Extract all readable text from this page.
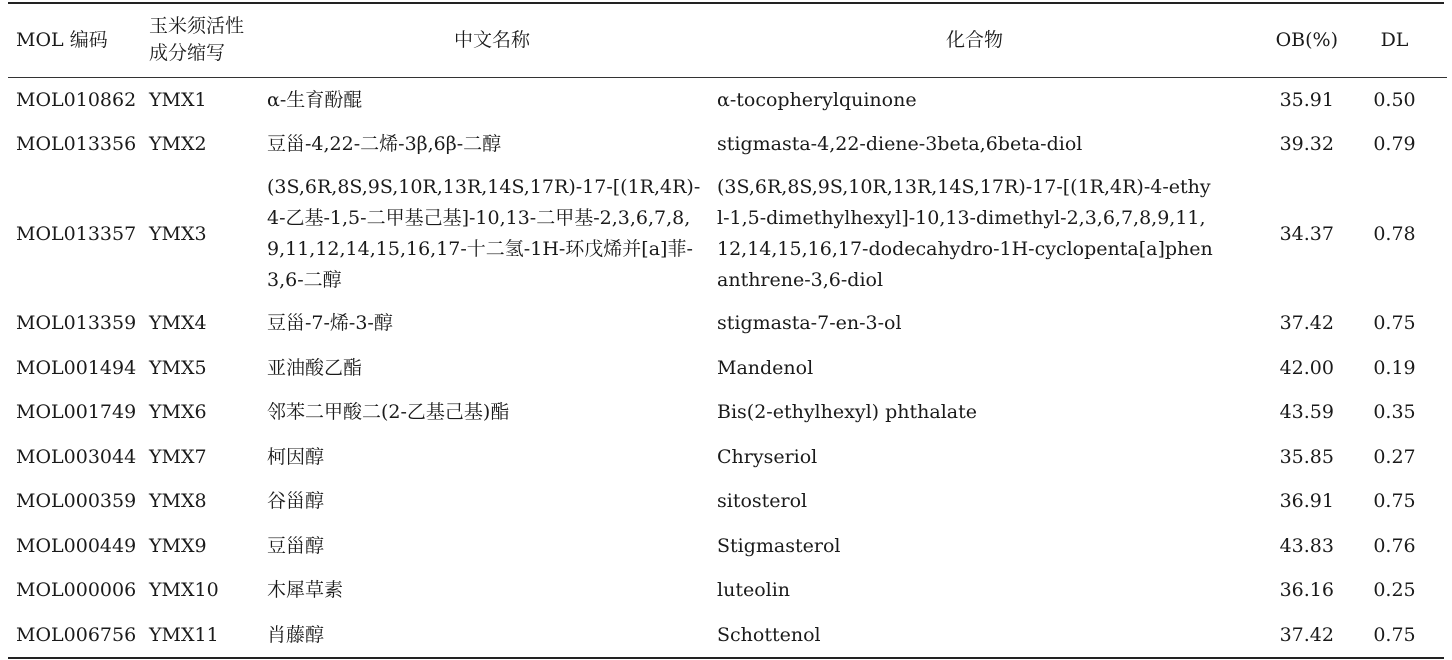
MOL 编码	玉米须活性成分缩写	中文名称	化合物	OB(%)	DL
MOL010862	YMX1	α-生育酚醌	α-tocopherylquinone	35.91	0.50
MOL013356	YMX2	豆甾-4,22-二烯-3β,6β-二醇	stigmasta-4,22-diene-3beta,6beta-diol	39.32	0.79
MOL013357	YMX3	(3S,6R,8S,9S,10R,13R,14S,17R)-17-[(1R,4R)-4-乙基-1,5-二甲基己基]-10,13-二甲基-2,3,6,7,8,9,11,12,14,15,16,17-十二氢-1H-环戊烯并[a]菲-3,6-二醇	(3S,6R,8S,9S,10R,13R,14S,17R)-17-[(1R,4R)-4-ethyl-1,5-dimethylhexyl]-10,13-dimethyl-2,3,6,7,8,9,11,12,14,15,16,17-dodecahydro-1H-cyclopenta[a]phenanthrene-3,6-diol	34.37	0.78
MOL013359	YMX4	豆甾-7-烯-3-醇	stigmasta-7-en-3-ol	37.42	0.75
MOL001494	YMX5	亚油酸乙酯	Mandenol	42.00	0.19
MOL001749	YMX6	邻苯二甲酸二(2-乙基己基)酯	Bis(2-ethylhexyl) phthalate	43.59	0.35
MOL003044	YMX7	柯因醇	Chryseriol	35.85	0.27
MOL000359	YMX8	谷甾醇	sitosterol	36.91	0.75
MOL000449	YMX9	豆甾醇	Stigmasterol	43.83	0.76
MOL000006	YMX10	木犀草素	luteolin	36.16	0.25
MOL006756	YMX11	肖藤醇	Schottenol	37.42	0.75
